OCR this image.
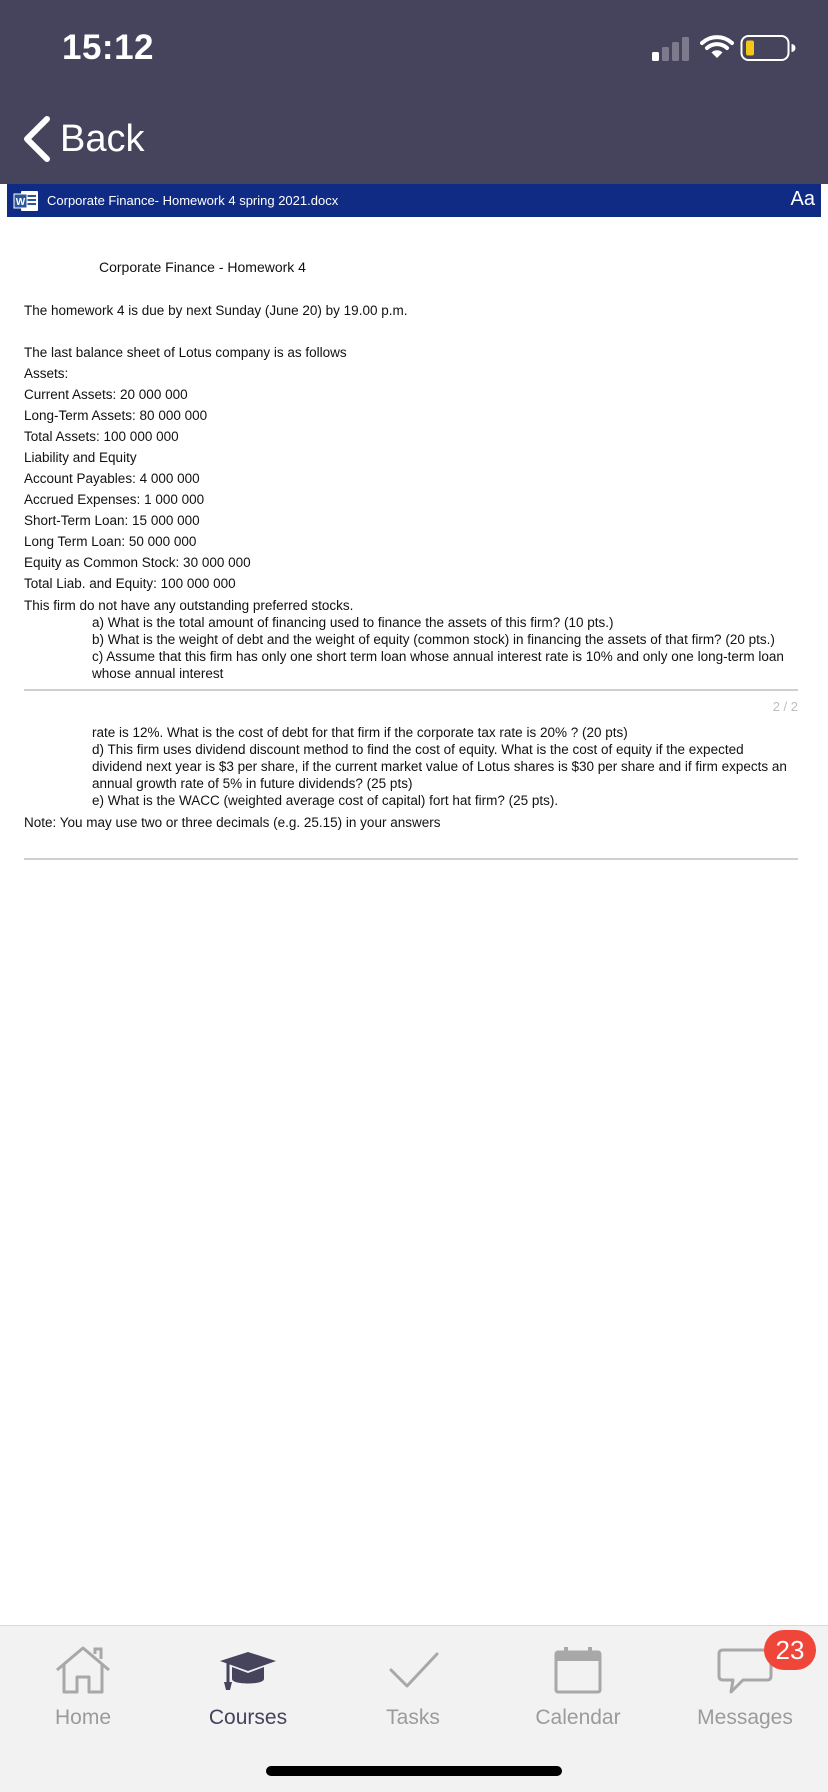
15:12
Back
W Corporate Finance- Homework 4 spring 2021.docx	Aa
Corporate Finance - Homework 4
The homework 4 is due by next Sunday (June 20) by 19.00 p.m.
The last balance sheet of Lotus company is as follows
Assets:
Current Assets: 20 000 000
Long-Term Assets: 80 000 000
Total Assets: 100 000 000
Liability and Equity
Account Payables: 4 000 000
Accrued Expenses: 1 000 000
Short-Term Loan: 15 000 000
Long Term Loan: 50 000 000
Equity as Common Stock: 30 000 000
Total Liab. and Equity: 100 000 000
This firm do not have any outstanding preferred stocks.
a) What is the total amount of financing used to finance the assets of this firm? (10 pts.)
b) What is the weight of debt and the weight of equity (common stock) in financing the assets of that firm? (20 pts.)
c) Assume that this firm has only one short term loan whose annual interest rate is 10% and only one long-term loan whose annual interest
2 / 2
rate is 12%. What is the cost of debt for that firm if the corporate tax rate is 20% ? (20 pts)
d) This firm uses dividend discount method to find the cost of equity. What is the cost of equity if the expected dividend next year is $3 per share, if the current market value of Lotus shares is $30 per share and if firm expects an annual growth rate of 5% in future dividends? (25 pts)
e) What is the WACC (weighted average cost of capital) fort hat firm? (25 pts).
Note: You may use two or three decimals (e.g. 25.15) in your answers
Home	Courses	Tasks	Calendar	Messages
23
